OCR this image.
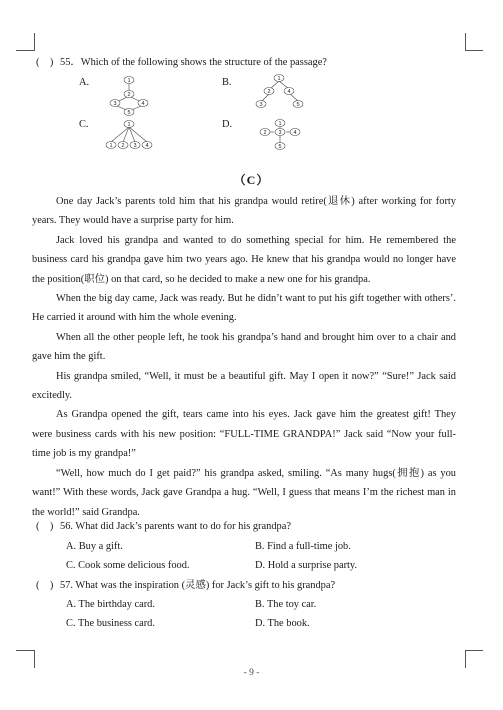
(　) 55．Which of the following shows the structure of the passage?
A.	B.
C.	D.
1
2
3	4
5
1
2	4
3	5
1
1 2 3 4
1
2 3 4
5
（C）

One day Jack’s parents told him that his grandpa would retire(退休) after working for forty years. They would have a surprise party for him.

Jack loved his grandpa and wanted to do something special for him. He remembered the business card his grandpa gave him two years ago. He knew that his grandpa would no longer have the position(职位) on that card, so he decided to make a new one for his grandpa.

When the big day came, Jack was ready. But he didn’t want to put his gift together with others’. He carried it around with him the whole evening.

When all the other people left, he took his grandpa’s hand and brought him over to a chair and gave him the gift.

His grandpa smiled, “Well, it must be a beautiful gift. May I open it now?” “Sure!” Jack said excitedly.

As Grandpa opened the gift, tears came into his eyes. Jack gave him the greatest gift! They were business cards with his new position: “FULL-TIME GRANDPA!” Jack said “Now your full-time job is my grandpa!”

“Well, how much do I get paid?” his grandpa asked, smiling. “As many hugs(拥抱) as you want!” With these words, Jack gave Grandpa a hug. “Well, I guess that means I’m the richest man in the world!” said Grandpa.

(　) 56. What did Jack’s parents want to do for his grandpa?
A. Buy a gift.	B. Find a full-time job.
C. Cook some delicious food.	D. Hold a surprise party.
(　) 57. What was the inspiration (灵感) for Jack’s gift to his grandpa?
A. The birthday card.	B. The toy car.
C. The business card.	D. The book.
- 9 -
